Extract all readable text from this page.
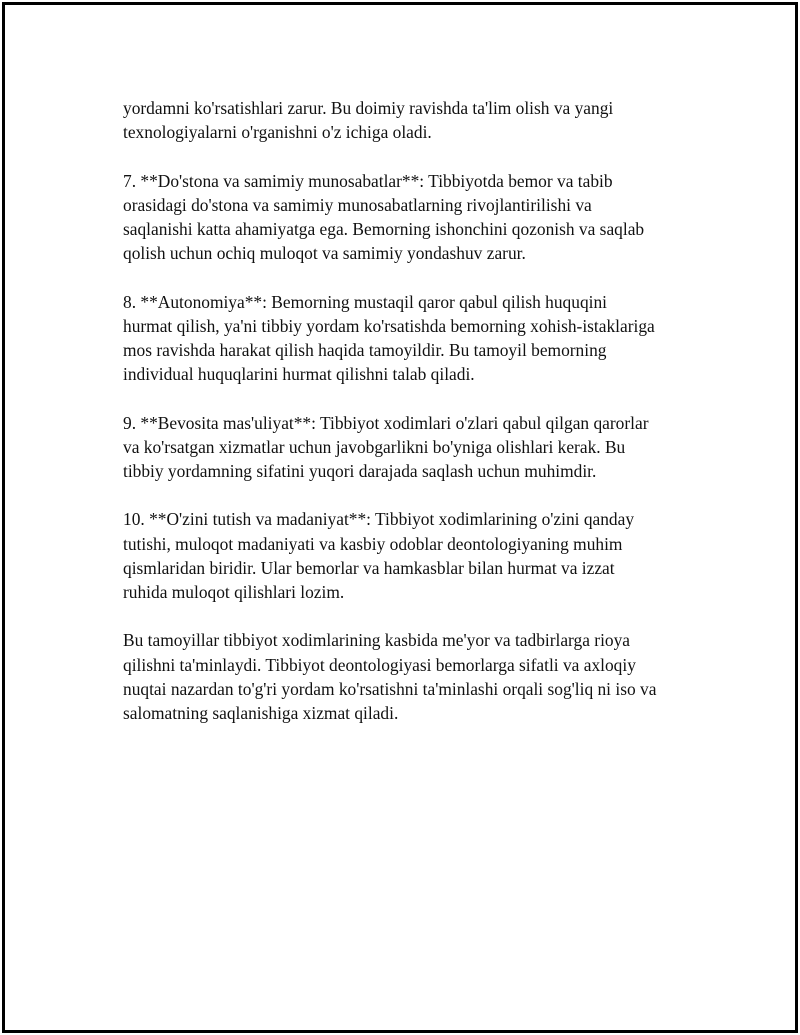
yordamni ko'rsatishlari zarur. Bu doimiy ravishda ta'lim olish va yangi
texnologiyalarni o'rganishni o'z ichiga oladi.

7. **Do'stona va samimiy munosabatlar**: Tibbiyotda bemor va tabib
orasidagi do'stona va samimiy munosabatlarning rivojlantirilishi va
saqlanishi katta ahamiyatga ega. Bemorning ishonchini qozonish va saqlab
qolish uchun ochiq muloqot va samimiy yondashuv zarur.

8. **Autonomiya**: Bemorning mustaqil qaror qabul qilish huquqini
hurmat qilish, ya'ni tibbiy yordam ko'rsatishda bemorning xohish-istaklariga
mos ravishda harakat qilish haqida tamoyildir. Bu tamoyil bemorning
individual huquqlarini hurmat qilishni talab qiladi.

9. **Bevosita mas'uliyat**: Tibbiyot xodimlari o'zlari qabul qilgan qarorlar
va ko'rsatgan xizmatlar uchun javobgarlikni bo'yniga olishlari kerak. Bu
tibbiy yordamning sifatini yuqori darajada saqlash uchun muhimdir.

10. **O'zini tutish va madaniyat**: Tibbiyot xodimlarining o'zini qanday
tutishi, muloqot madaniyati va kasbiy odoblar deontologiyaning muhim
qismlaridan biridir. Ular bemorlar va hamkasblar bilan hurmat va izzat
ruhida muloqot qilishlari lozim.

Bu tamoyillar tibbiyot xodimlarining kasbida me'yor va tadbirlarga rioya
qilishni ta'minlaydi. Tibbiyot deontologiyasi bemorlarga sifatli va axloqiy
nuqtai nazardan to'g'ri yordam ko'rsatishni ta'minlashi orqali sog'liq ni iso va
salomatning saqlanishiga xizmat qiladi.
